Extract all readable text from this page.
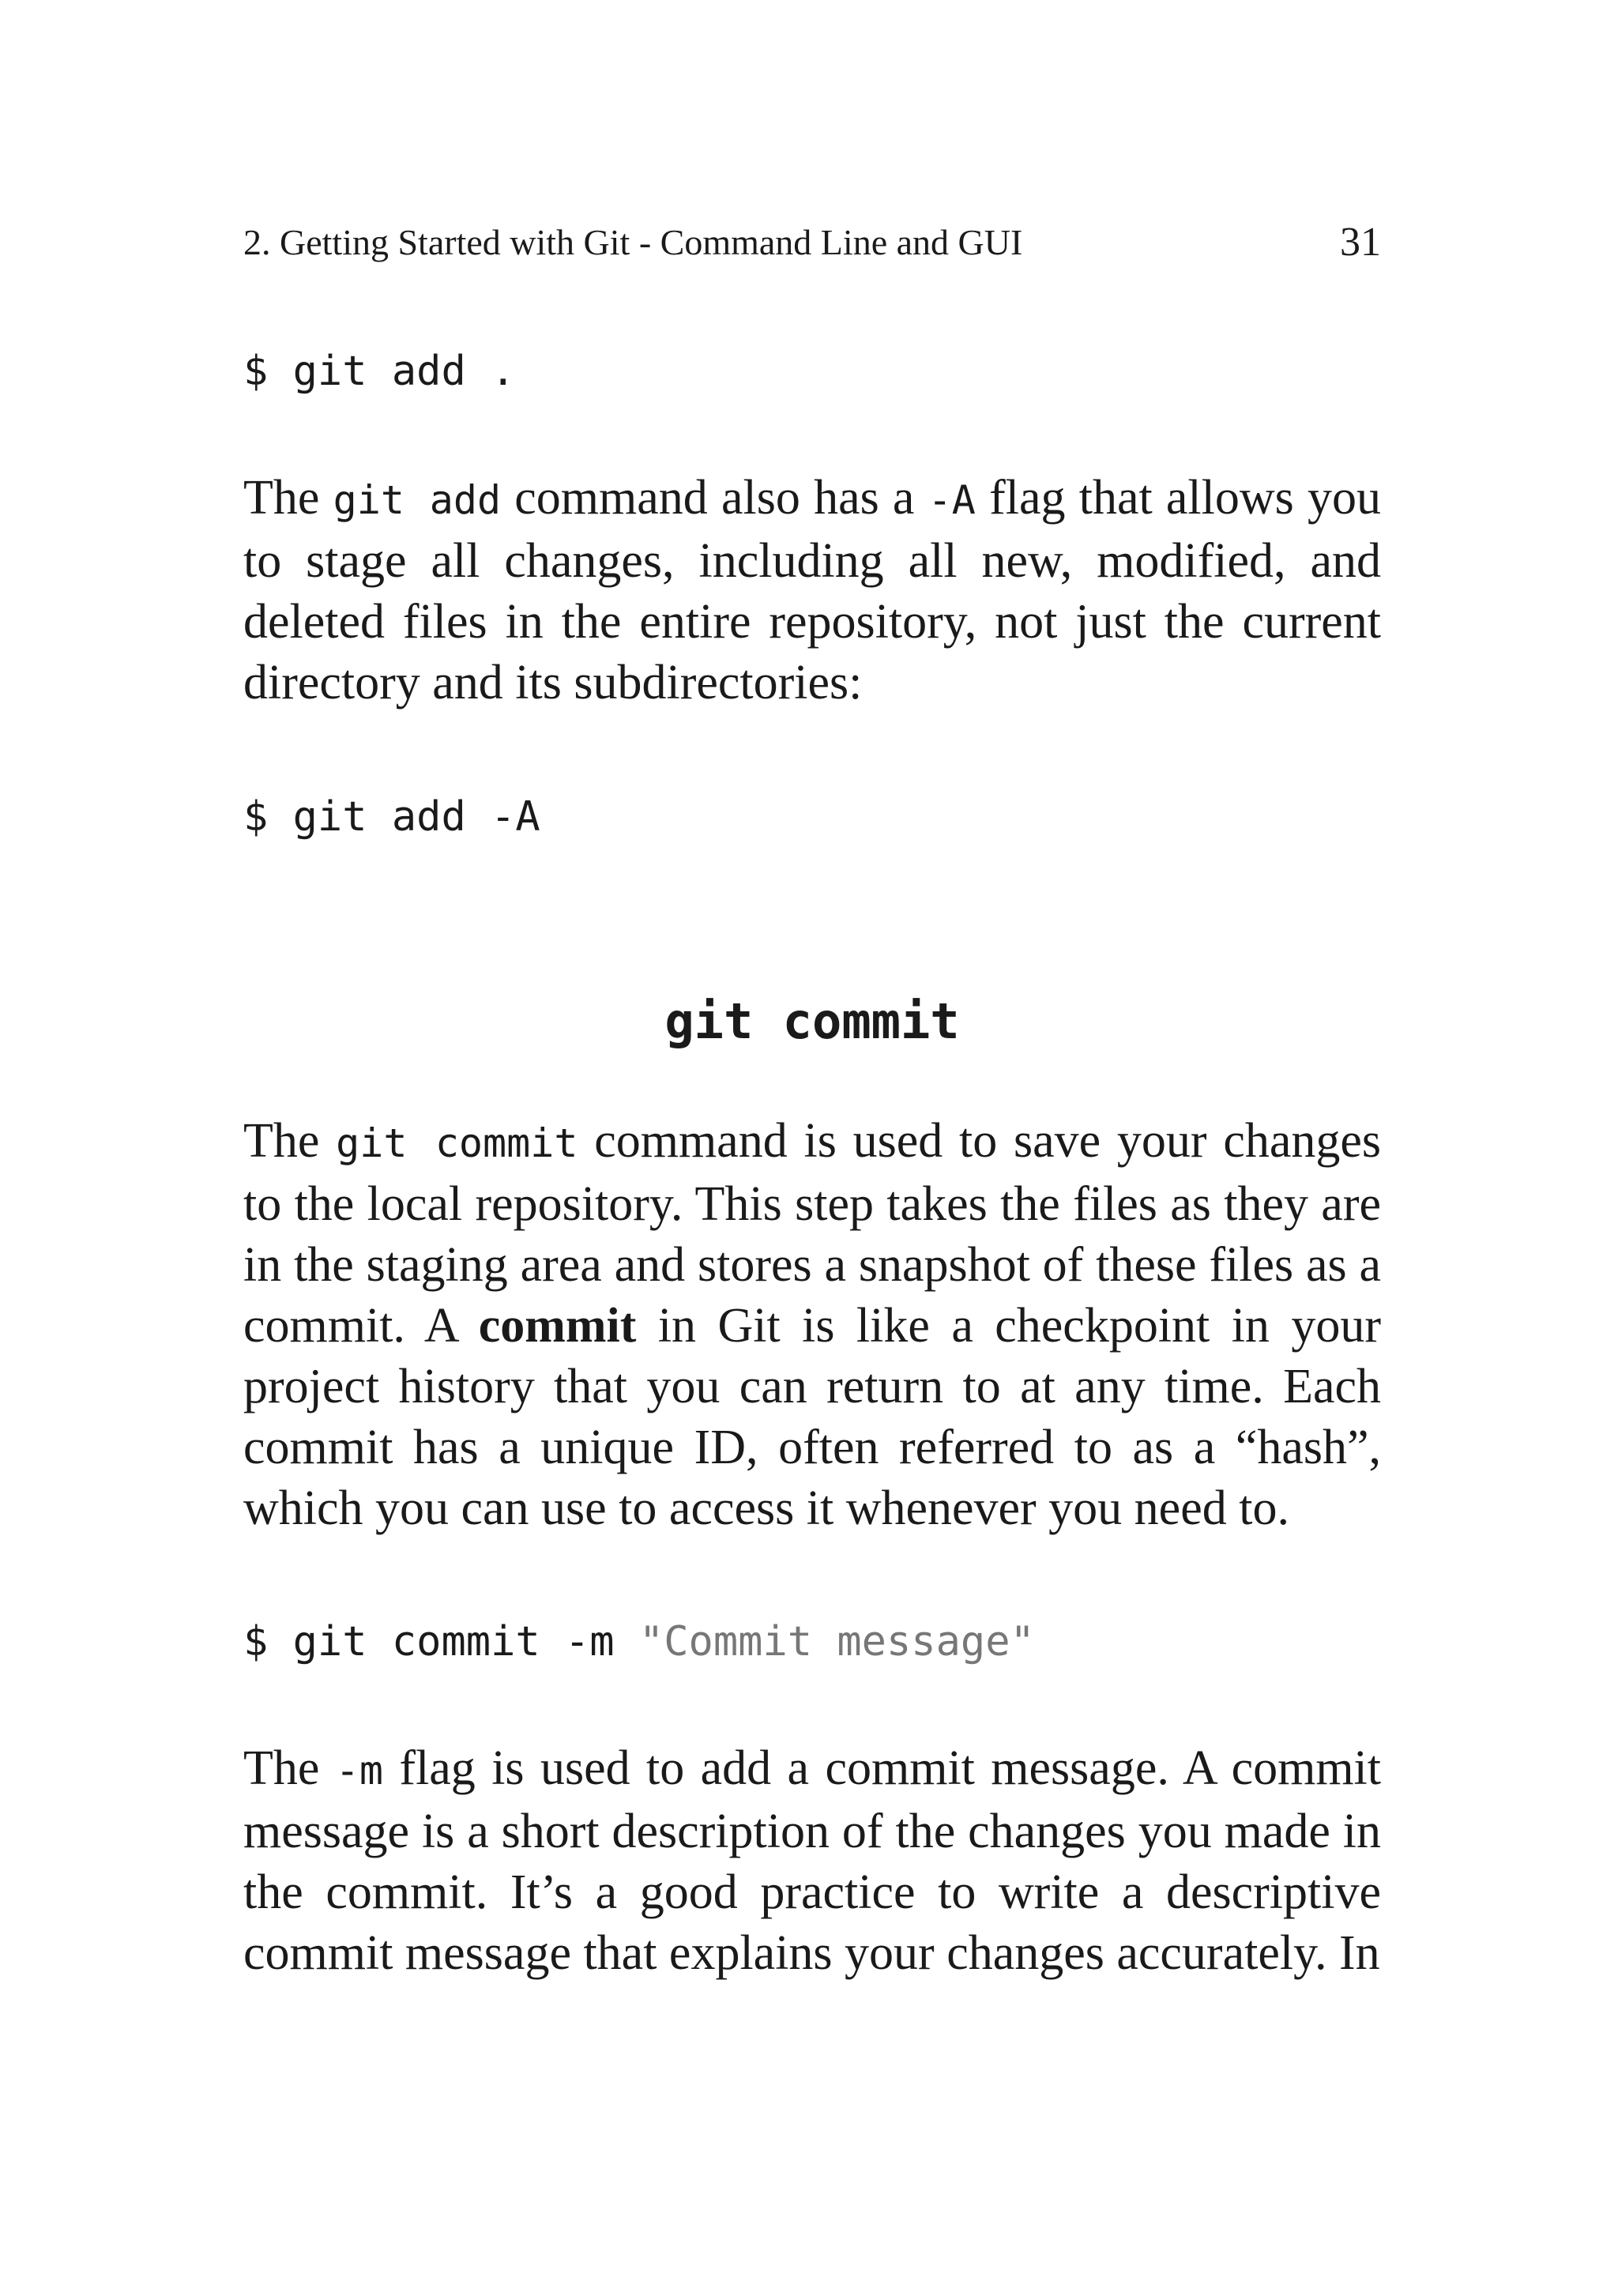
2. Getting Started with Git - Command Line and GUI	31
$ git add .

The git add command also has a -A flag that allows you to stage all changes, including all new, modified, and deleted files in the entire repository, not just the current directory and its subdirectories:

$ git add -A
git commit

The git commit command is used to save your changes to the local repository. This step takes the files as they are in the staging area and stores a snapshot of these files as a commit. A commit in Git is like a checkpoint in your project history that you can return to at any time. Each commit has a unique ID, often referred to as a “hash”, which you can use to access it whenever you need to.

$ git commit -m "Commit message"

The -m flag is used to add a commit message. A commit message is a short description of the changes you made in the commit. It’s a good practice to write a descriptive commit message that explains your changes accurately. In
